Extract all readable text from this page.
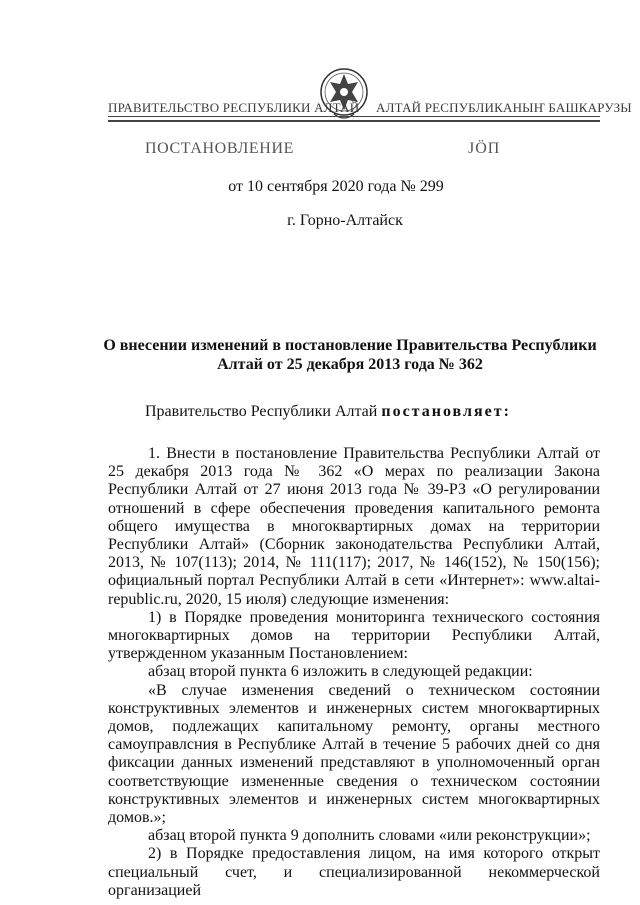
ПРАВИТЕЛЬСТВО РЕСПУБЛИКИ АЛТАЙ АЛТАЙ РЕСПУБЛИКАНЫҤ БАШКАРУЗЫ
ПОСТАНОВЛЕНИЕ	JӦП
от 10 сентября 2020 года № 299
г. Горно-Алтайск
О внесении изменений в постановление Правительства Республики Алтай от 25 декабря 2013 года № 362
Правительство Республики Алтай постановляет:

1. Внести в постановление Правительства Республики Алтай от 25 декабря 2013 года № 362 «О мерах по реализации Закона Республики Алтай от 27 июня 2013 года № 39-РЗ «О регулировании отношений в сфере обеспечения проведения капитального ремонта общего имущества в многоквартирных домах на территории Республики Алтай» (Сборник законодательства Республики Алтай, 2013, № 107(113); 2014, № 111(117); 2017, № 146(152), № 150(156); официальный портал Республики Алтай в сети «Интернет»: www.altai-republic.ru, 2020, 15 июля) следующие изменения:

1) в Порядке проведения мониторинга технического состояния многоквартирных домов на территории Республики Алтай, утвержденном указанным Постановлением:

абзац второй пункта 6 изложить в следующей редакции:

«В случае изменения сведений о техническом состоянии конструктивных элементов и инженерных систем многоквартирных домов, подлежащих капитальному ремонту, органы местного самоуправлсния в Республике Алтай в течение 5 рабочих дней со дня фиксации данных изменений представляют в уполномоченный орган соответствующие измененные сведения о техническом состоянии конструктивных элементов и инженерных систем многоквартирных домов.»;

абзац второй пункта 9 дополнить словами «или реконструкции»;

2) в Порядке предоставления лицом, на имя которого открыт специальный счет, и специализированной некоммерческой организацией
